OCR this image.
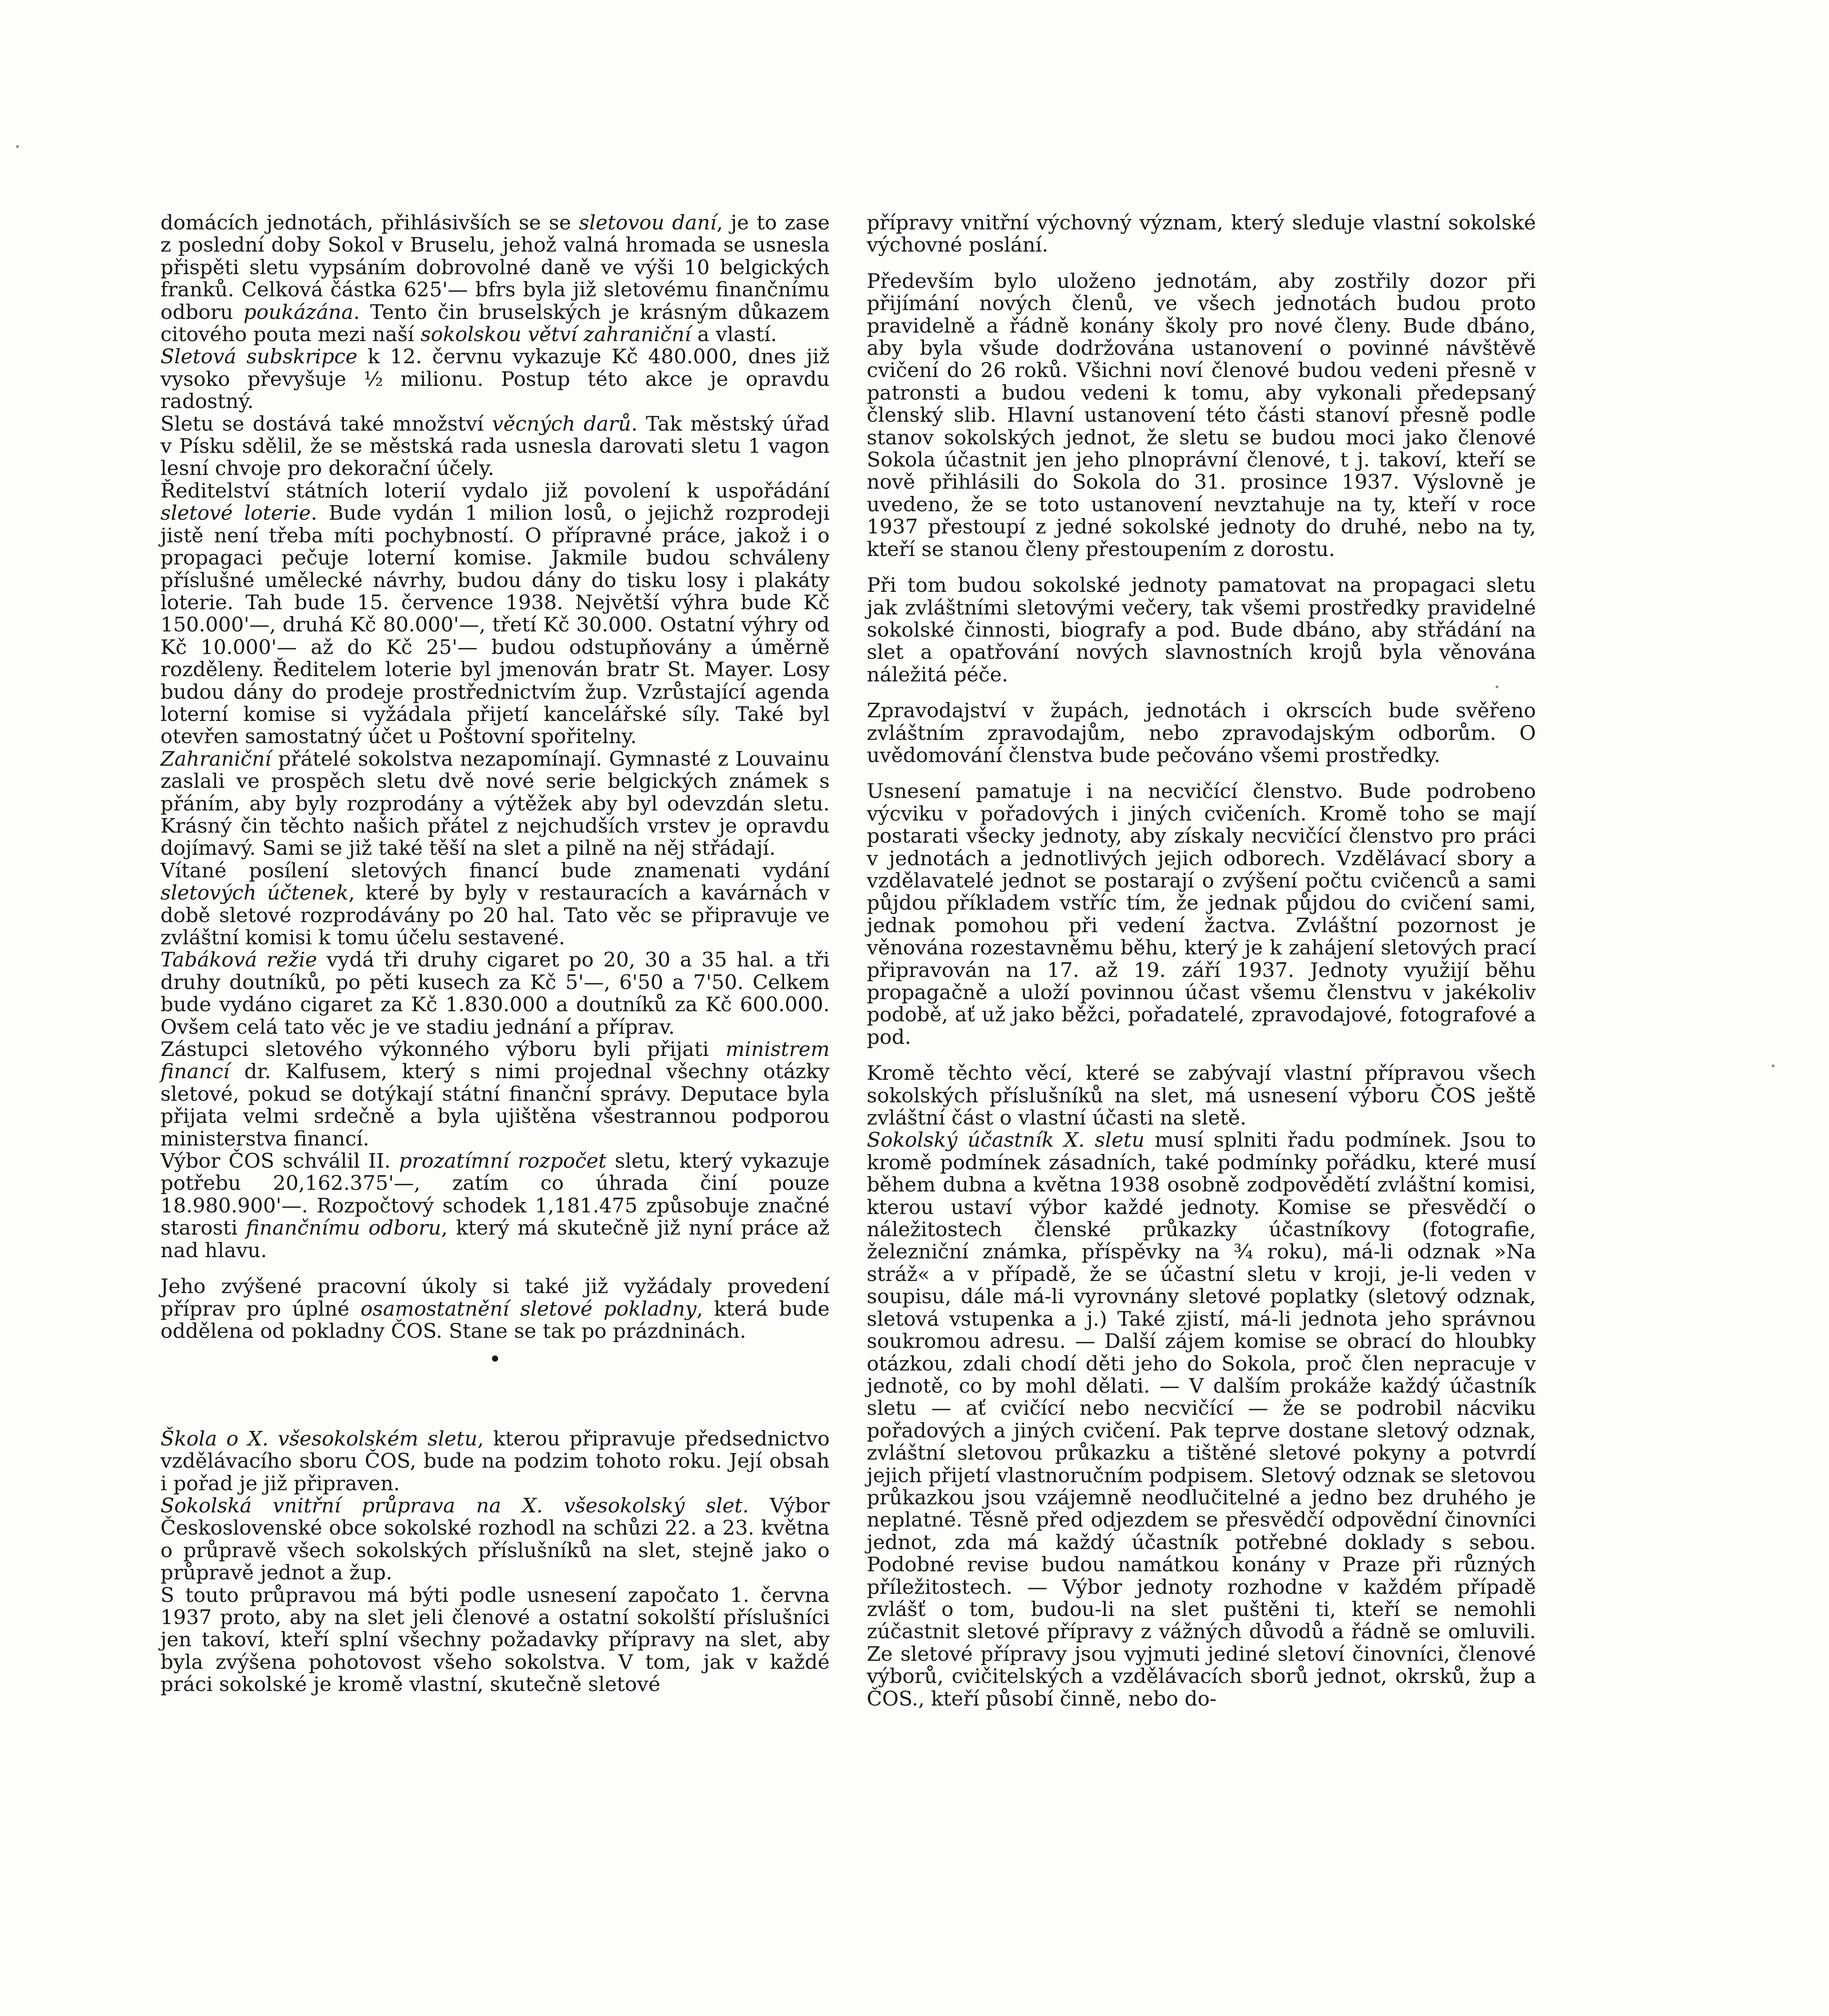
domácích jednotách, přihlásivších se se sletovou daní, je to zase z poslední doby Sokol v Bruselu, jehož valná hromada se usnesla přispěti sletu vypsáním dobrovolné daně ve výši 10 belgických franků. Celková částka 625'— bfrs byla již sletovému finančnímu odboru poukázána. Tento čin bruselských je krásným důkazem citového pouta mezi naší sokolskou větví zahraniční a vlastí.

Sletová subskripce k 12. červnu vykazuje Kč 480.000, dnes již vysoko převyšuje ½ milionu. Postup této akce je opravdu radostný.

Sletu se dostává také množství věcných darů. Tak městský úřad v Písku sdělil, že se městská rada usnesla darovati sletu 1 vagon lesní chvoje pro dekorační účely.

Ředitelství státních loterií vydalo již povolení k uspořádání sletové loterie. Bude vydán 1 milion losů, o jejichž rozprodeji jistě není třeba míti pochybností. O přípravné práce, jakož i o propagaci pečuje loterní komise. Jakmile budou schváleny příslušné umělecké návrhy, budou dány do tisku losy i plakáty loterie. Tah bude 15. července 1938. Největší výhra bude Kč 150.000'—, druhá Kč 80.000'—, třetí Kč 30.000. Ostatní výhry od Kč 10.000'— až do Kč 25'— budou odstupňovány a úměrně rozděleny. Ředitelem loterie byl jmenován bratr St. Mayer. Losy budou dány do prodeje prostřednictvím žup. Vzrůstající agenda loterní komise si vyžádala přijetí kancelářské síly. Také byl otevřen samostatný účet u Poštovní spořitelny.

Zahraniční přátelé sokolstva nezapomínají. Gymnasté z Louvainu zaslali ve prospěch sletu dvě nové serie belgických známek s přáním, aby byly rozprodány a výtěžek aby byl odevzdán sletu. Krásný čin těchto našich přátel z nejchudších vrstev je opravdu dojímavý. Sami se již také těší na slet a pilně na něj střádají.

Vítané posílení sletových financí bude znamenati vydání sletových účtenek, které by byly v restauracích a kavárnách v době sletové rozprodávány po 20 hal. Tato věc se připravuje ve zvláštní komisi k tomu účelu sestavené.

Tabáková režie vydá tři druhy cigaret po 20, 30 a 35 hal. a tři druhy doutníků, po pěti kusech za Kč 5'—, 6'50 a 7'50. Celkem bude vydáno cigaret za Kč 1.830.000 a doutníků za Kč 600.000. Ovšem celá tato věc je ve stadiu jednání a příprav.

Zástupci sletového výkonného výboru byli přijati ministrem financí dr. Kalfusem, který s nimi projednal všechny otázky sletové, pokud se dotýkají státní finanční správy. Deputace byla přijata velmi srdečně a byla ujištěna všestrannou podporou ministerstva financí.

Výbor ČOS schválil II. prozatímní rozpočet sletu, který vykazuje potřebu 20,162.375'—, zatím co úhrada činí pouze 18.980.900'—. Rozpočtový schodek 1,181.475 způsobuje značné starosti finančnímu odboru, který má skutečně již nyní práce až nad hlavu.

Jeho zvýšené pracovní úkoly si také již vyžádaly provedení příprav pro úplné osamostatnění sletové pokladny, která bude oddělena od pokladny ČOS. Stane se tak po prázdninách.

•

Škola o X. všesokolském sletu, kterou připravuje předsednictvo vzdělávacího sboru ČOS, bude na podzim tohoto roku. Její obsah i pořad je již připraven.

Sokolská vnitřní průprava na X. všesokolský slet. Výbor Československé obce sokolské rozhodl na schůzi 22. a 23. května o průpravě všech sokolských příslušníků na slet, stejně jako o průpravě jednot a žup.

S touto průpravou má býti podle usnesení započato 1. června 1937 proto, aby na slet jeli členové a ostatní sokolští příslušníci jen takoví, kteří splní všechny požadavky přípravy na slet, aby byla zvýšena pohotovost všeho sokolstva. V tom, jak v každé práci sokolské je kromě vlastní, skutečně sletové

přípravy vnitřní výchovný význam, který sleduje vlastní sokolské výchovné poslání.

Především bylo uloženo jednotám, aby zostřily dozor při přijímání nových členů, ve všech jednotách budou proto pravidelně a řádně konány školy pro nové členy. Bude dbáno, aby byla všude dodržována ustanovení o povinné návštěvě cvičení do 26 roků. Všichni noví členové budou vedeni přesně v patronsti a budou vedeni k tomu, aby vykonali předepsaný členský slib. Hlavní ustanovení této části stanoví přesně podle stanov sokolských jednot, že sletu se budou moci jako členové Sokola účastnit jen jeho plnoprávní členové, t j. takoví, kteří se nově přihlásili do Sokola do 31. prosince 1937. Výslovně je uvedeno, že se toto ustanovení nevztahuje na ty, kteří v roce 1937 přestoupí z jedné sokolské jednoty do druhé, nebo na ty, kteří se stanou členy přestoupením z dorostu.

Při tom budou sokolské jednoty pamatovat na propagaci sletu jak zvláštními sletovými večery, tak všemi prostředky pravidelné sokolské činnosti, biografy a pod. Bude dbáno, aby střádání na slet a opatřování nových slavnostních krojů byla věnována náležitá péče.

Zpravodajství v župách, jednotách i okrscích bude svěřeno zvláštním zpravodajům, nebo zpravodajským odborům. O uvědomování členstva bude pečováno všemi prostředky.

Usnesení pamatuje i na necvičící členstvo. Bude podrobeno výcviku v pořadových i jiných cvičeních. Kromě toho se mají postarati všecky jednoty, aby získaly necvičící členstvo pro práci v jednotách a jednotlivých jejich odborech. Vzdělávací sbory a vzdělavatelé jednot se postarají o zvýšení počtu cvičenců a sami půjdou příkladem vstříc tím, že jednak půjdou do cvičení sami, jednak pomohou při vedení žactva. Zvláštní pozornost je věnována rozestavněmu běhu, který je k zahájení sletových prací připravován na 17. až 19. září 1937. Jednoty využijí běhu propagačně a uloží povinnou účast všemu členstvu v jakékoliv podobě, ať už jako běžci, pořadatelé, zpravodajové, fotografové a pod.

Kromě těchto věcí, které se zabývají vlastní přípravou všech sokolských příslušníků na slet, má usnesení výboru ČOS ještě zvláštní část o vlastní účasti na sletě.

Sokolský účastník X. sletu musí splniti řadu podmínek. Jsou to kromě podmínek zásadních, také podmínky pořádku, které musí během dubna a května 1938 osobně zodpovědětí zvláštní komisi, kterou ustaví výbor každé jednoty. Komise se přesvědčí o náležitostech členské průkazky účastníkovy (fotografie, železniční známka, příspěvky na ¾ roku), má-li odznak »Na stráž« a v případě, že se účastní sletu v kroji, je-li veden v soupisu, dále má-li vyrovnány sletové poplatky (sletový odznak, sletová vstupenka a j.) Také zjistí, má-li jednota jeho správnou soukromou adresu. — Další zájem komise se obrací do hloubky otázkou, zdali chodí děti jeho do Sokola, proč člen nepracuje v jednotě, co by mohl dělati. — V dalším prokáže každý účastník sletu — ať cvičící nebo necvičící — že se podrobil nácviku pořadových a jiných cvičení. Pak teprve dostane sletový odznak, zvláštní sletovou průkazku a tištěné sletové pokyny a potvrdí jejich přijetí vlastnoručním podpisem. Sletový odznak se sletovou průkazkou jsou vzájemně neodlučitelné a jedno bez druhého je neplatné. Těsně před odjezdem se přesvědčí odpovědní činovníci jednot, zda má každý účastník potřebné doklady s sebou. Podobné revise budou namátkou konány v Praze při různých příležitostech. — Výbor jednoty rozhodne v každém případě zvlášť o tom, budou-li na slet puštěni ti, kteří se nemohli zúčastnit sletové přípravy z vážných důvodů a řádně se omluvili. Ze sletové přípravy jsou vyjmuti jediné sletoví činovníci, členové výborů, cvičitelských a vzdělávacích sborů jednot, okrsků, žup a ČOS., kteří působí činně, nebo do-
